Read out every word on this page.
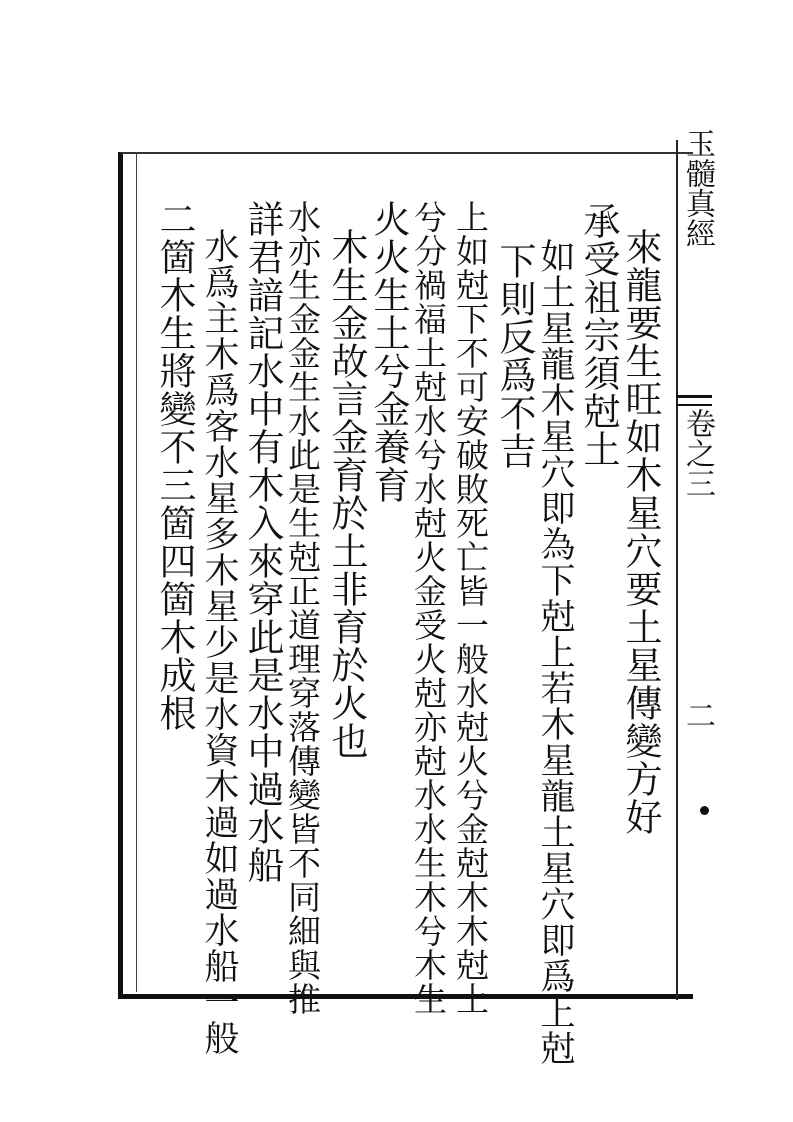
玉髓真經
卷之三
二
來龍要生旺如木星穴要土星傳變方好
承受祖宗須尅土
如土星龍木星穴即為下尅上若木星龍土星穴即爲上尅
下則反爲不吉
上如尅下不可安破敗死亡皆一般水尅火兮金尅木木尅土
兮分禍福土尅水兮水尅火金受火尅亦尅水水生木兮木生
火火生土兮金養育
木生金故言金育於土非育於火也
水亦生金金生水此是生尅正道理穿落傳變皆不同細與推
詳君諳記水中有木入來穿此是水中過水船
水爲主木爲客水星多木星少是水資木過如過水船一般
二箇木生將變不三箇四箇木成根
